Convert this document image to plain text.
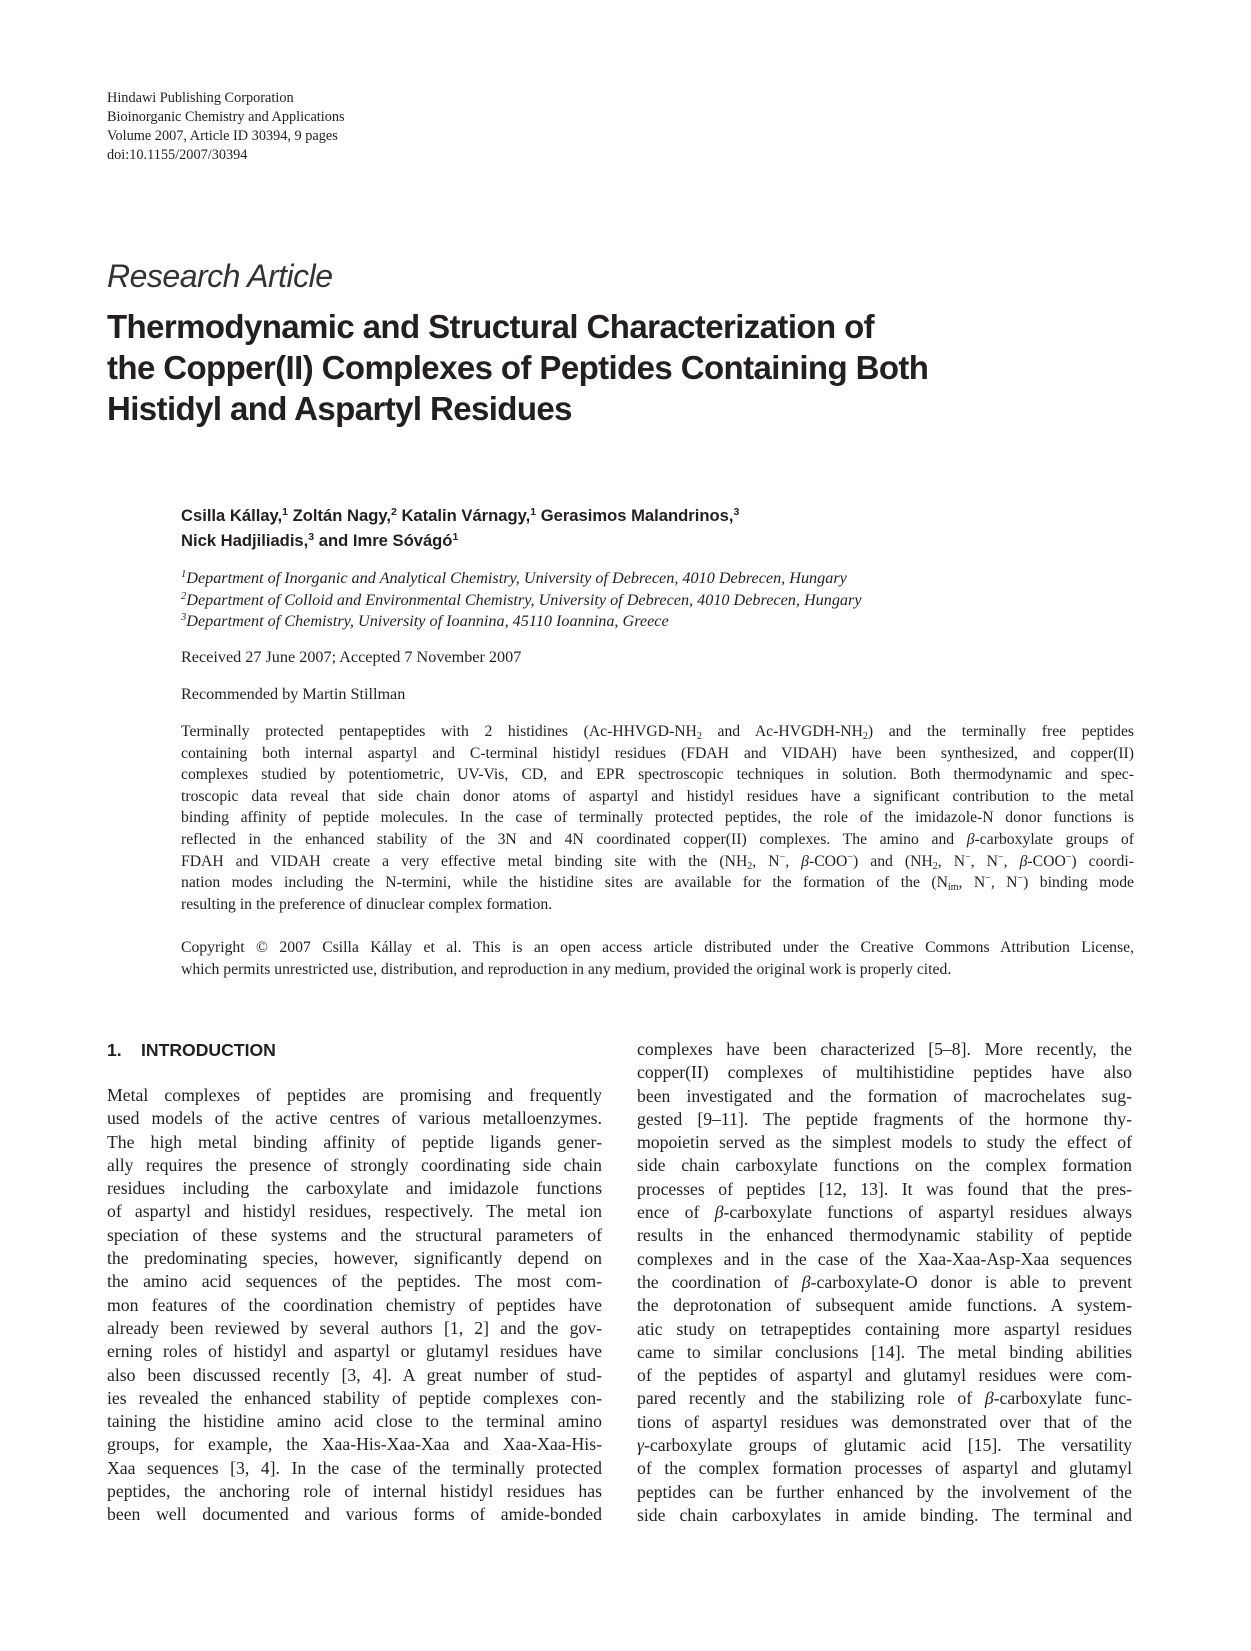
Hindawi Publishing Corporation
Bioinorganic Chemistry and Applications
Volume 2007, Article ID 30394, 9 pages
doi:10.1155/2007/30394
Research Article
Thermodynamic and Structural Characterization of
the Copper(II) Complexes of Peptides Containing Both
Histidyl and Aspartyl Residues
Csilla Kállay,$^1$ Zoltán Nagy,$^2$ Katalin Várnagy,$^1$ Gerasimos Malandrinos,$^3$
Nick Hadjiliadis,$^3$ and Imre Sóvágó$^1$
$^1$Department of Inorganic and Analytical Chemistry, University of Debrecen, 4010 Debrecen, Hungary
$^2$Department of Colloid and Environmental Chemistry, University of Debrecen, 4010 Debrecen, Hungary
$^3$Department of Chemistry, University of Ioannina, 45110 Ioannina, Greece
Received 27 June 2007; Accepted 7 November 2007
Recommended by Martin Stillman
Terminally protected pentapeptides with 2 histidines ($Ac-HHVGD-NH_2$ and $Ac-HVGDH-NH_2$) and the terminally free peptides
containing both internal aspartyl and C-terminal histidyl residues (FDAH and VIDAH) have been synthesized, and copper(II)
complexes studied by potentiometric, UV-Vis, CD, and EPR spectroscopic techniques in solution. Both thermodynamic and spec-
troscopic data reveal that side chain donor atoms of aspartyl and histidyl residues have a significant contribution to the metal
binding affinity of peptide molecules. In the case of terminally protected peptides, the role of the imidazole-N donor functions is
reflected in the enhanced stability of the 3N and 4N coordinated copper(II) complexes. The amino and β-carboxylate groups of
FDAH and VIDAH create a very effective metal binding site with the ($NH_2$, N−, β-COO−) and ($NH_2$, N−, N−, β-COO−) coordi-
nation modes including the N-termini, while the histidine sites are available for the formation of the ($N_{im}$, N−, N−) binding mode
resulting in the preference of dinuclear complex formation.
Copyright © 2007 Csilla Kállay et al. This is an open access article distributed under the Creative Commons Attribution License,
which permits unrestricted use, distribution, and reproduction in any medium, provided the original work is properly cited.
1. INTRODUCTION
Metal complexes of peptides are promising and frequently
used models of the active centres of various metalloenzymes.
The high metal binding affinity of peptide ligands gener-
ally requires the presence of strongly coordinating side chain
residues including the carboxylate and imidazole functions
of aspartyl and histidyl residues, respectively. The metal ion
speciation of these systems and the structural parameters of
the predominating species, however, significantly depend on
the amino acid sequences of the peptides. The most com-
mon features of the coordination chemistry of peptides have
already been reviewed by several authors [1, 2] and the gov-
erning roles of histidyl and aspartyl or glutamyl residues have
also been discussed recently [3, 4]. A great number of stud-
ies revealed the enhanced stability of peptide complexes con-
taining the histidine amino acid close to the terminal amino
groups, for example, the Xaa-His-Xaa-Xaa and Xaa-Xaa-His-
Xaa sequences [3, 4]. In the case of the terminally protected
peptides, the anchoring role of internal histidyl residues has
been well documented and various forms of amide-bonded
complexes have been characterized [5–8]. More recently, the
copper(II) complexes of multihistidine peptides have also
been investigated and the formation of macrochelates sug-
gested [9–11]. The peptide fragments of the hormone thy-
mopoietin served as the simplest models to study the effect of
side chain carboxylate functions on the complex formation
processes of peptides [12, 13]. It was found that the pres-
ence of β-carboxylate functions of aspartyl residues always
results in the enhanced thermodynamic stability of peptide
complexes and in the case of the Xaa-Xaa-Asp-Xaa sequences
the coordination of β-carboxylate-O donor is able to prevent
the deprotonation of subsequent amide functions. A system-
atic study on tetrapeptides containing more aspartyl residues
came to similar conclusions [14]. The metal binding abilities
of the peptides of aspartyl and glutamyl residues were com-
pared recently and the stabilizing role of β-carboxylate func-
tions of aspartyl residues was demonstrated over that of the
γ-carboxylate groups of glutamic acid [15]. The versatility
of the complex formation processes of aspartyl and glutamyl
peptides can be further enhanced by the involvement of the
side chain carboxylates in amide binding. The terminal and
